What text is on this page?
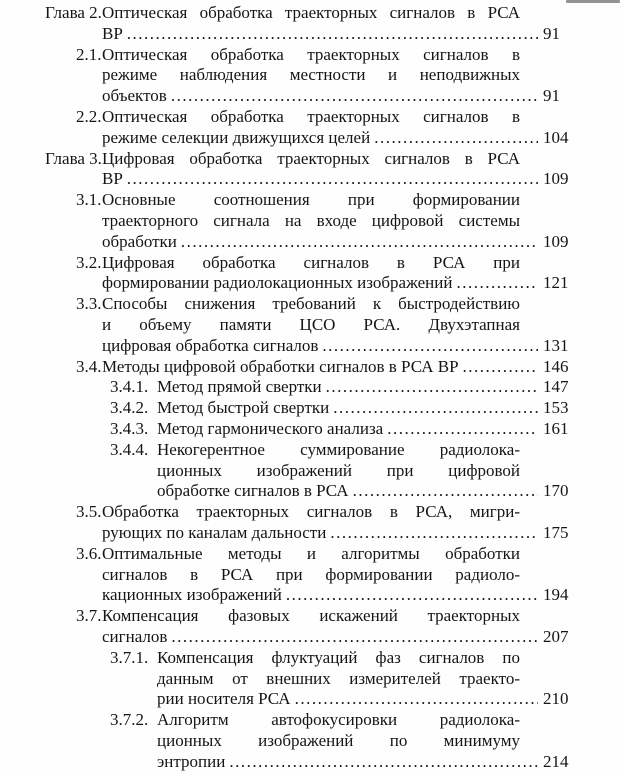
Глава 2. Оптическая обработка траекторных сигналов в РСА
ВР .....	91
2.1. Оптическая обработка траекторных сигналов в
режиме наблюдения местности и неподвижных
объектов .....	91
2.2. Оптическая обработка траекторных сигналов в
режиме селекции движущихся целей .....	104
Глава 3. Цифровая обработка траекторных сигналов в РСА
ВР .....	109
3.1. Основные соотношения при формировании
траекторного сигнала на входе цифровой системы
обработки .....	109
3.2. Цифровая обработка сигналов в РСА при
формировании радиолокационных изображений .....	121
3.3. Способы снижения требований к быстродействию
и объему памяти ЦСО РСА. Двухэтапная
цифровая обработка сигналов .....	131
3.4. Методы цифровой обработки сигналов в РСА ВР .....	146
3.4.1. Метод прямой свертки .....	147
3.4.2. Метод быстрой свертки .....	153
3.4.3. Метод гармонического анализа .....	161
3.4.4. Некогерентное суммирование радиолока-
ционных изображений при цифровой
обработке сигналов в РСА .....	170
3.5. Обработка траекторных сигналов в РСА, мигри-
рующих по каналам дальности .....	175
3.6. Оптимальные методы и алгоритмы обработки
сигналов в РСА при формировании радиоло-
кационных изображений .....	194
3.7. Компенсация фазовых искажений траекторных
сигналов .....	207
3.7.1. Компенсация флуктуаций фаз сигналов по
данным от внешних измерителей траекто-
рии носителя РСА .....	210
3.7.2. Алгоритм автофокусировки радиолока-
ционных изображений по минимуму
энтропии .....	214
